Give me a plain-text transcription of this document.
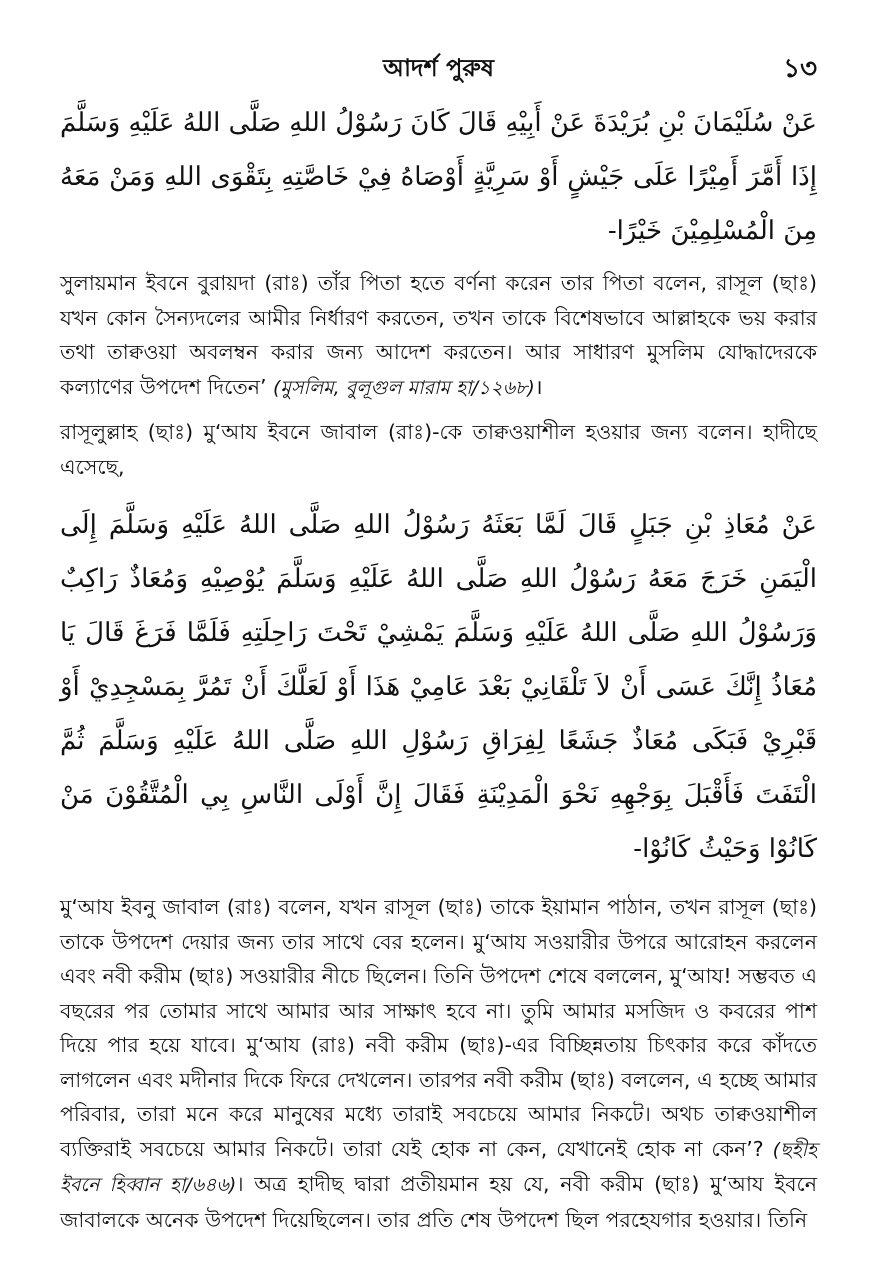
আদর্শ পুরুষ	১৩

عَنْ سُلَيْمَانَ بْنِ بُرَيْدَةَ عَنْ أَبِيْهِ قَالَ كَانَ رَسُوْلُ اللهِ صَلَّى اللهُ عَلَيْهِ وَسَلَّمَ إِذَا أَمَّرَ أَمِيْرًا عَلَى جَيْشٍ أَوْ سَرِيَّةٍ أَوْصَاهُ فِيْ خَاصَّتِهِ بِتَقْوَى اللهِ وَمَنْ مَعَهُ مِنَ الْمُسْلِمِيْنَ خَيْرًا-

সুলায়মান ইবনে বুরায়দা (রাঃ) তাঁর পিতা হতে বর্ণনা করেন তার পিতা বলেন, রাসূল (ছাঃ) যখন কোন সৈন্যদলের আমীর নির্ধারণ করতেন, তখন তাকে বিশেষভাবে আল্লাহকে ভয় করার তথা তাক্বওয়া অবলম্বন করার জন্য আদেশ করতেন। আর সাধারণ মুসলিম যোদ্ধাদেরকে কল্যাণের উপদেশ দিতেন’ (মুসলিম, বুলূগুল মারাম হা/১২৬৮)।

রাসূলুল্লাহ (ছাঃ) মু‘আয ইবনে জাবাল (রাঃ)-কে তাক্বওয়াশীল হওয়ার জন্য বলেন। হাদীছে এসেছে,

عَنْ مُعَاذِ بْنِ جَبَلٍ قَالَ لَمَّا بَعَثَهُ رَسُوْلُ اللهِ صَلَّى اللهُ عَلَيْهِ وَسَلَّمَ إِلَى الْيَمَنِ خَرَجَ مَعَهُ رَسُوْلُ اللهِ صَلَّى اللهُ عَلَيْهِ وَسَلَّمَ يُوْصِيْهِ وَمُعَاذٌ رَاكِبٌ وَرَسُوْلُ اللهِ صَلَّى اللهُ عَلَيْهِ وَسَلَّمَ يَمْشِيْ تَحْتَ رَاحِلَتِهِ فَلَمَّا فَرَغَ قَالَ يَا مُعَاذُ إِنَّكَ عَسَى أَنْ لاَ تَلْقَانِيْ بَعْدَ عَامِيْ هَذَا أَوْ لَعَلَّكَ أَنْ تَمُرَّ بِمَسْجِدِيْ أَوْ قَبْرِيْ فَبَكَى مُعَاذٌ جَشَعًا لِفِرَاقِ رَسُوْلِ اللهِ صَلَّى اللهُ عَلَيْهِ وَسَلَّمَ ثُمَّ الْتَفَتَ فَأَقْبَلَ بِوَجْهِهِ نَحْوَ الْمَدِيْنَةِ فَقَالَ إِنَّ أَوْلَى النَّاسِ بِي الْمُتَّقُوْنَ مَنْ كَانُوْا وَحَيْثُ كَانُوْا-

মু‘আয ইবনু জাবাল (রাঃ) বলেন, যখন রাসূল (ছাঃ) তাকে ইয়ামান পাঠান, তখন রাসূল (ছাঃ) তাকে উপদেশ দেয়ার জন্য তার সাথে বের হলেন। মু‘আয সওয়ারীর উপরে আরোহন করলেন এবং নবী করীম (ছাঃ) সওয়ারীর নীচে ছিলেন। তিনি উপদেশ শেষে বললেন, মু‘আয! সম্ভবত এ বছরের পর তোমার সাথে আমার আর সাক্ষাৎ হবে না। তুমি আমার মসজিদ ও কবরের পাশ দিয়ে পার হয়ে যাবে। মু‘আয (রাঃ) নবী করীম (ছাঃ)-এর বিচ্ছিন্নতায় চিৎকার করে কাঁদতে লাগলেন এবং মদীনার দিকে ফিরে দেখলেন। তারপর নবী করীম (ছাঃ) বললেন, এ হচ্ছে আমার পরিবার, তারা মনে করে মানুষের মধ্যে তারাই সবচেয়ে আমার নিকটে। অথচ তাক্বওয়াশীল ব্যক্তিরাই সবচেয়ে আমার নিকটে। তারা যেই হোক না কেন, যেখানেই হোক না কেন’? (ছহীহ ইবনে হিব্বান হা/৬৪৬)। অত্র হাদীছ দ্বারা প্রতীয়মান হয় যে, নবী করীম (ছাঃ) মু‘আয ইবনে জাবালকে অনেক উপদেশ দিয়েছিলেন। তার প্রতি শেষ উপদেশ ছিল পরহেযগার হওয়ার। তিনি
